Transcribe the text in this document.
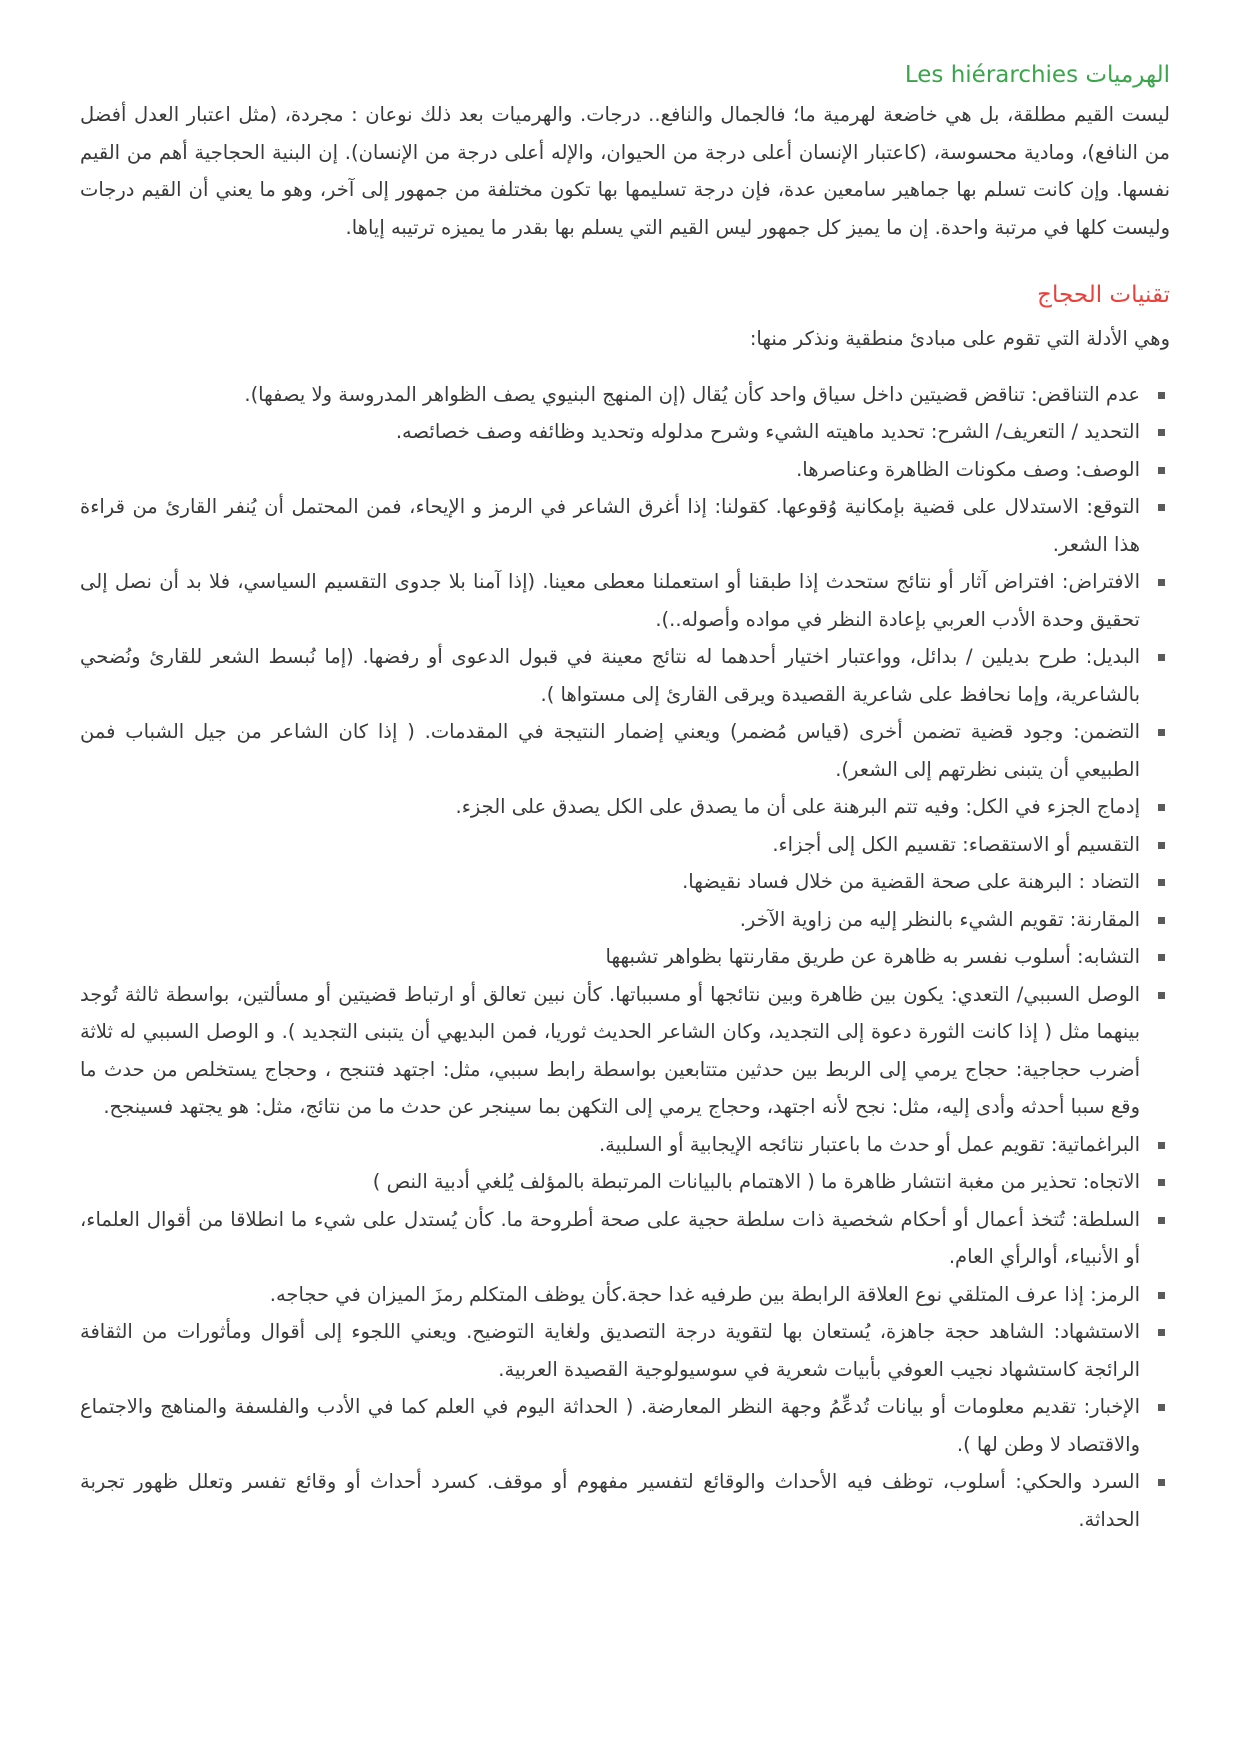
الهرميات Les hiérarchies

ليست القيم مطلقة، بل هي خاضعة لهرمية ما؛ فالجمال والنافع.. درجات. والهرميات بعد ذلك نوعان : مجردة، (مثل اعتبار العدل أفضل من النافع)، ومادية محسوسة، (كاعتبار الإنسان أعلى درجة من الحيوان، والإله أعلى درجة من الإنسان). إن البنية الحجاجية أهم من القيم نفسها. وإن كانت تسلم بها جماهير سامعين عدة، فإن درجة تسليمها بها تكون مختلفة من جمهور إلى آخر، وهو ما يعني أن القيم درجات وليست كلها في مرتبة واحدة. إن ما يميز كل جمهور ليس القيم التي يسلم بها بقدر ما يميزه ترتيبه إياها.

تقنيات الحجاج

وهي الأدلة التي تقوم على مبادئ منطقية ونذكر منها:

عدم التناقض: تناقض قضيتين داخل سياق واحد كأن يُقال (إن المنهج البنيوي يصف الظواهر المدروسة ولا يصفها).
التحديد / التعريف/ الشرح: تحديد ماهيته الشيء وشرح مدلوله وتحديد وظائفه وصف خصائصه.
الوصف: وصف مكونات الظاهرة وعناصرها.
التوقع: الاستدلال على قضية بإمكانية وُقوعها. كقولنا: إذا أغرق الشاعر في الرمز و الإيحاء، فمن المحتمل أن يُنفر القارئ من قراءة هذا الشعر.
الافتراض: افتراض آثار أو نتائج ستحدث إذا طبقنا أو استعملنا معطى معينا. (إذا آمنا بلا جدوى التقسيم السياسي، فلا بد أن نصل إلى تحقيق وحدة الأدب العربي بإعادة النظر في مواده وأصوله..).
البديل: طرح بديلين / بدائل، وواعتبار اختيار أحدهما له نتائج معينة في قبول الدعوى أو رفضها. (إما نُبسط الشعر للقارئ ونُضحي بالشاعرية، وإما نحافظ على شاعرية القصيدة ويرقى القارئ إلى مستواها ).
التضمن: وجود قضية تضمن أخرى (قياس مُضمر) ويعني إضمار النتيجة في المقدمات. ( إذا كان الشاعر من جيل الشباب فمن الطبيعي أن يتبنى نظرتهم إلى الشعر).
إدماج الجزء في الكل: وفيه تتم البرهنة على أن ما يصدق على الكل يصدق على الجزء.
التقسيم أو الاستقصاء: تقسيم الكل إلى أجزاء.
التضاد : البرهنة على صحة القضية من خلال فساد نقيضها.
المقارنة: تقويم الشيء بالنظر إليه من زاوية الآخر.
التشابه: أسلوب نفسر به ظاهرة عن طريق مقارنتها بظواهر تشبهها
الوصل السببي/ التعدي: يكون بين ظاهرة وبين نتائجها أو مسبباتها. كأن نبين تعالق أو ارتباط قضيتين أو مسألتين، بواسطة ثالثة تُوجد بينهما مثل ( إذا كانت الثورة دعوة إلى التجديد، وكان الشاعر الحديث ثوريا، فمن البديهي أن يتبنى التجديد ). و الوصل السببي له ثلاثة أضرب حجاجية: حجاج يرمي إلى الربط بين حدثين متتابعين بواسطة رابط سببي، مثل: اجتهد فتنجح ، وحجاج يستخلص من حدث ما وقع سببا أحدثه وأدى إليه، مثل: نجح لأنه اجتهد، وحجاج يرمي إلى التكهن بما سينجر عن حدث ما من نتائج، مثل: هو يجتهد فسينجح.
البراغماتية: تقويم عمل أو حدث ما باعتبار نتائجه الإيجابية أو السلبية.
الاتجاه: تحذير من مغبة انتشار ظاهرة ما ( الاهتمام بالبيانات المرتبطة بالمؤلف يُلغي أدبية النص )
السلطة: تُتخذ أعمال أو أحكام شخصية ذات سلطة حجية على صحة أطروحة ما. كأن يُستدل على شيء ما انطلاقا من أقوال العلماء، أو الأنبياء، أوالرأي العام.
الرمز: إذا عرف المتلقي نوع العلاقة الرابطة بين طرفيه غدا حجة.كأن يوظف المتكلم رمزَ الميزان في حجاجه.
الاستشهاد: الشاهد حجة جاهزة، يُستعان بها لتقوية درجة التصديق ولغاية التوضيح. ويعني اللجوء إلى أقوال ومأثورات من الثقافة الرائجة كاستشهاد نجيب العوفي بأبيات شعرية في سوسيولوجية القصيدة العربية.
الإخبار: تقديم معلومات أو بيانات تُدعِّمُ وجهة النظر المعارضة. ( الحداثة اليوم في العلم كما في الأدب والفلسفة والمناهج والاجتماع والاقتصاد لا وطن لها ).
السرد والحكي: أسلوب، توظف فيه الأحداث والوقائع لتفسير مفهوم أو موقف. كسرد أحداث أو وقائع تفسر وتعلل ظهور تجربة الحداثة.
